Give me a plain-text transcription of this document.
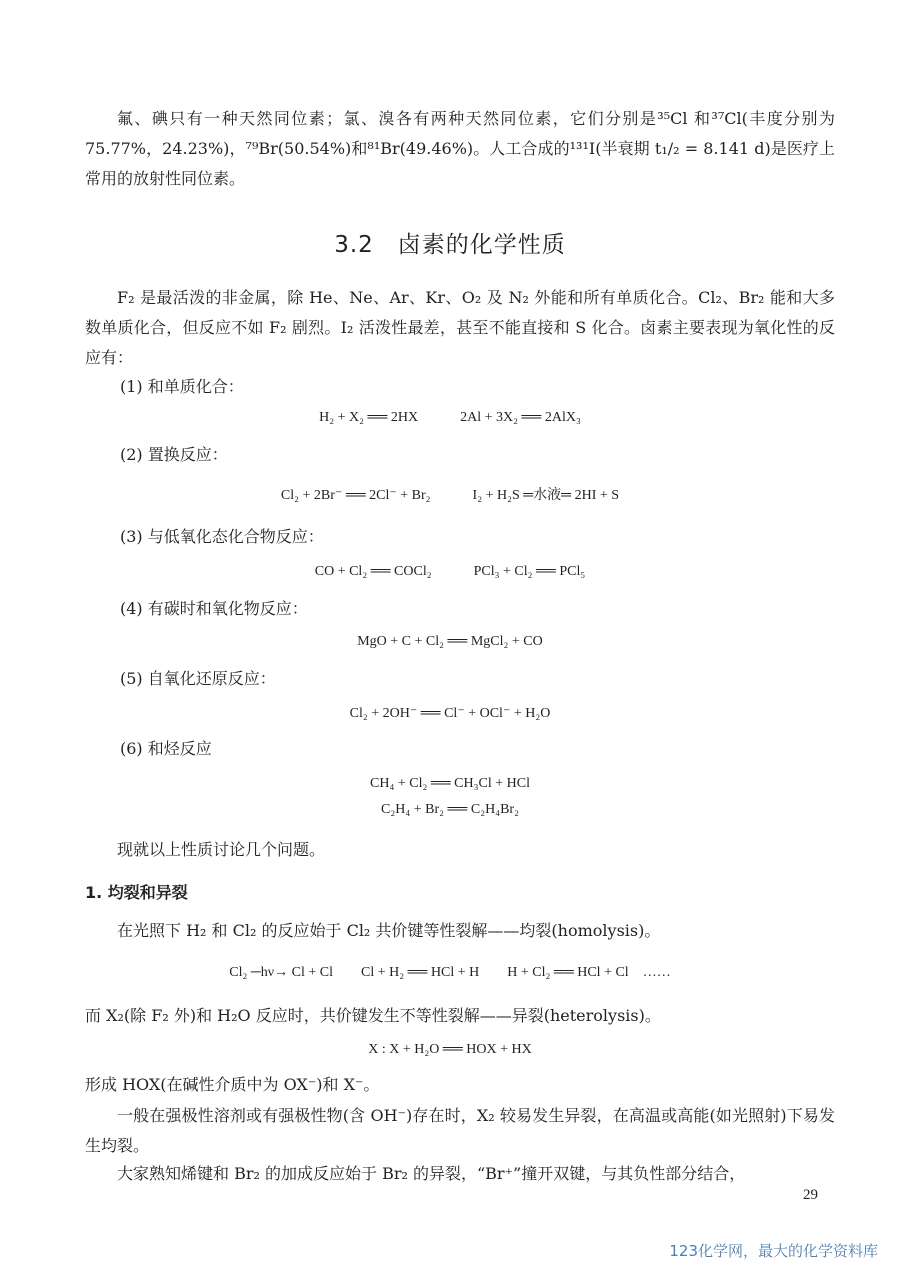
氟、碘只有一种天然同位素；氯、溴各有两种天然同位素，它们分别是³⁵Cl 和³⁷Cl(丰度分别为 75.77%，24.23%)，⁷⁹Br(50.54%)和⁸¹Br(49.46%)。人工合成的¹³¹I(半衰期 t₁/₂ = 8.141 d)是医疗上常用的放射性同位素。
3.2　卤素的化学性质
F₂ 是最活泼的非金属，除 He、Ne、Ar、Kr、O₂ 及 N₂ 外能和所有单质化合。Cl₂、Br₂ 能和大多数单质化合，但反应不如 F₂ 剧烈。I₂ 活泼性最差，甚至不能直接和 S 化合。卤素主要表现为氧化性的反应有：
(1) 和单质化合：
H₂ + X₂ ══ 2HX　　　2Al + 3X₂ ══ 2AlX₃
(2) 置换反应：
Cl₂ + 2Br⁻ ══ 2Cl⁻ + Br₂　　　I₂ + H₂S ═水液═ 2HI + S
(3) 与低氧化态化合物反应：
CO + Cl₂ ══ COCl₂　　　PCl₃ + Cl₂ ══ PCl₅
(4) 有碳时和氧化物反应：
MgO + C + Cl₂ ══ MgCl₂ + CO
(5) 自氧化还原反应：
Cl₂ + 2OH⁻ ══ Cl⁻ + OCl⁻ + H₂O
(6) 和烃反应
CH₄ + Cl₂ ══ CH₃Cl + HCl
C₂H₄ + Br₂ ══ C₂H₄Br₂
现就以上性质讨论几个问题。
1. 均裂和异裂
在光照下 H₂ 和 Cl₂ 的反应始于 Cl₂ 共价键等性裂解——均裂(homolysis)。
Cl₂ ─hν→ Cl + Cl　　Cl + H₂ ══ HCl + H　　H + Cl₂ ══ HCl + Cl　……
而 X₂(除 F₂ 外)和 H₂O 反应时，共价键发生不等性裂解——异裂(heterolysis)。
X : X + H₂O ══ HOX + HX
形成 HOX(在碱性介质中为 OX⁻)和 X⁻。
一般在强极性溶剂或有强极性物(含 OH⁻)存在时，X₂ 较易发生异裂，在高温或高能(如光照射)下易发生均裂。
大家熟知烯键和 Br₂ 的加成反应始于 Br₂ 的异裂，“Br⁺”撞开双键，与其负性部分结合，
29
123化学网，最大的化学资料库
